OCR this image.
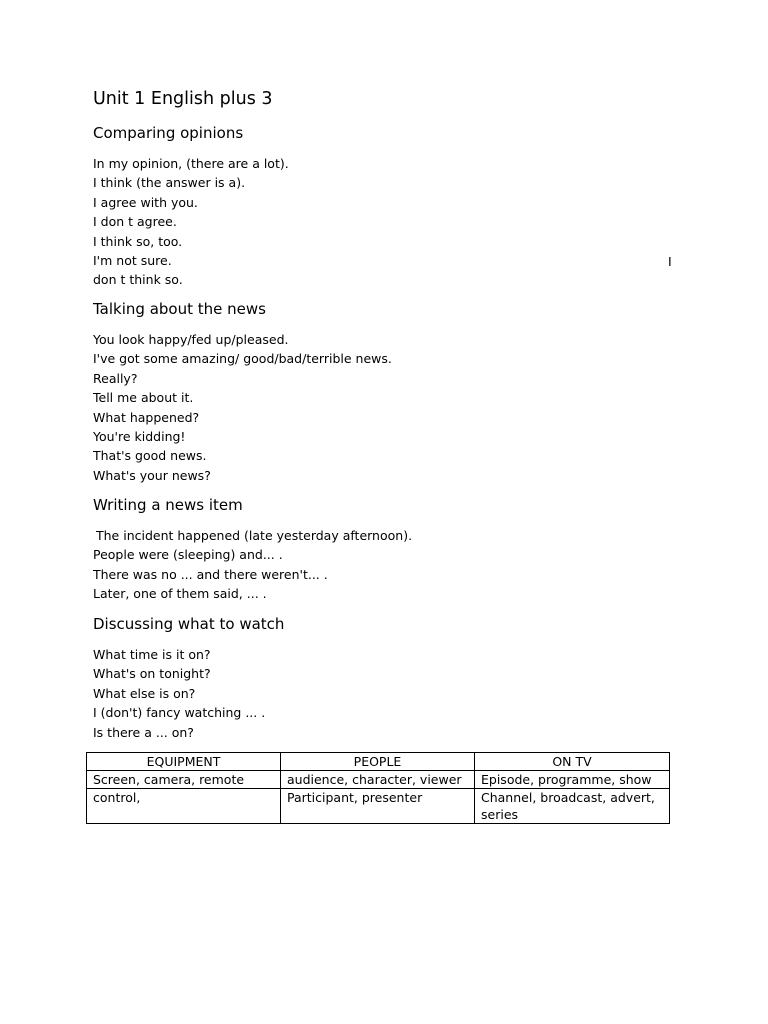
Unit 1 English plus 3
Comparing opinions
In my opinion, (there are a lot).
I think (the answer is a).
I agree with you.
I don t agree.
I think so, too.
I'm not sure.
don t think so.
I
Talking about the news
You look happy/fed up/pleased.
I've got some amazing/ good/bad/terrible news.
Really?
Tell me about it.
What happened?
You're kidding!
That's good news.
What's your news?
Writing a news item
The incident happened (late yesterday afternoon).
People were (sleeping) and... .
There was no ... and there weren't... .
Later, one of them said, ... .
Discussing what to watch
What time is it on?
What's on tonight?
What else is on?
I (don't) fancy watching ... .
Is there a ... on?
EQUIPMENT	PEOPLE	ON TV
Screen, camera, remote	audience, character, viewer	Episode, programme, show
control,	Participant, presenter	Channel, broadcast, advert, series
